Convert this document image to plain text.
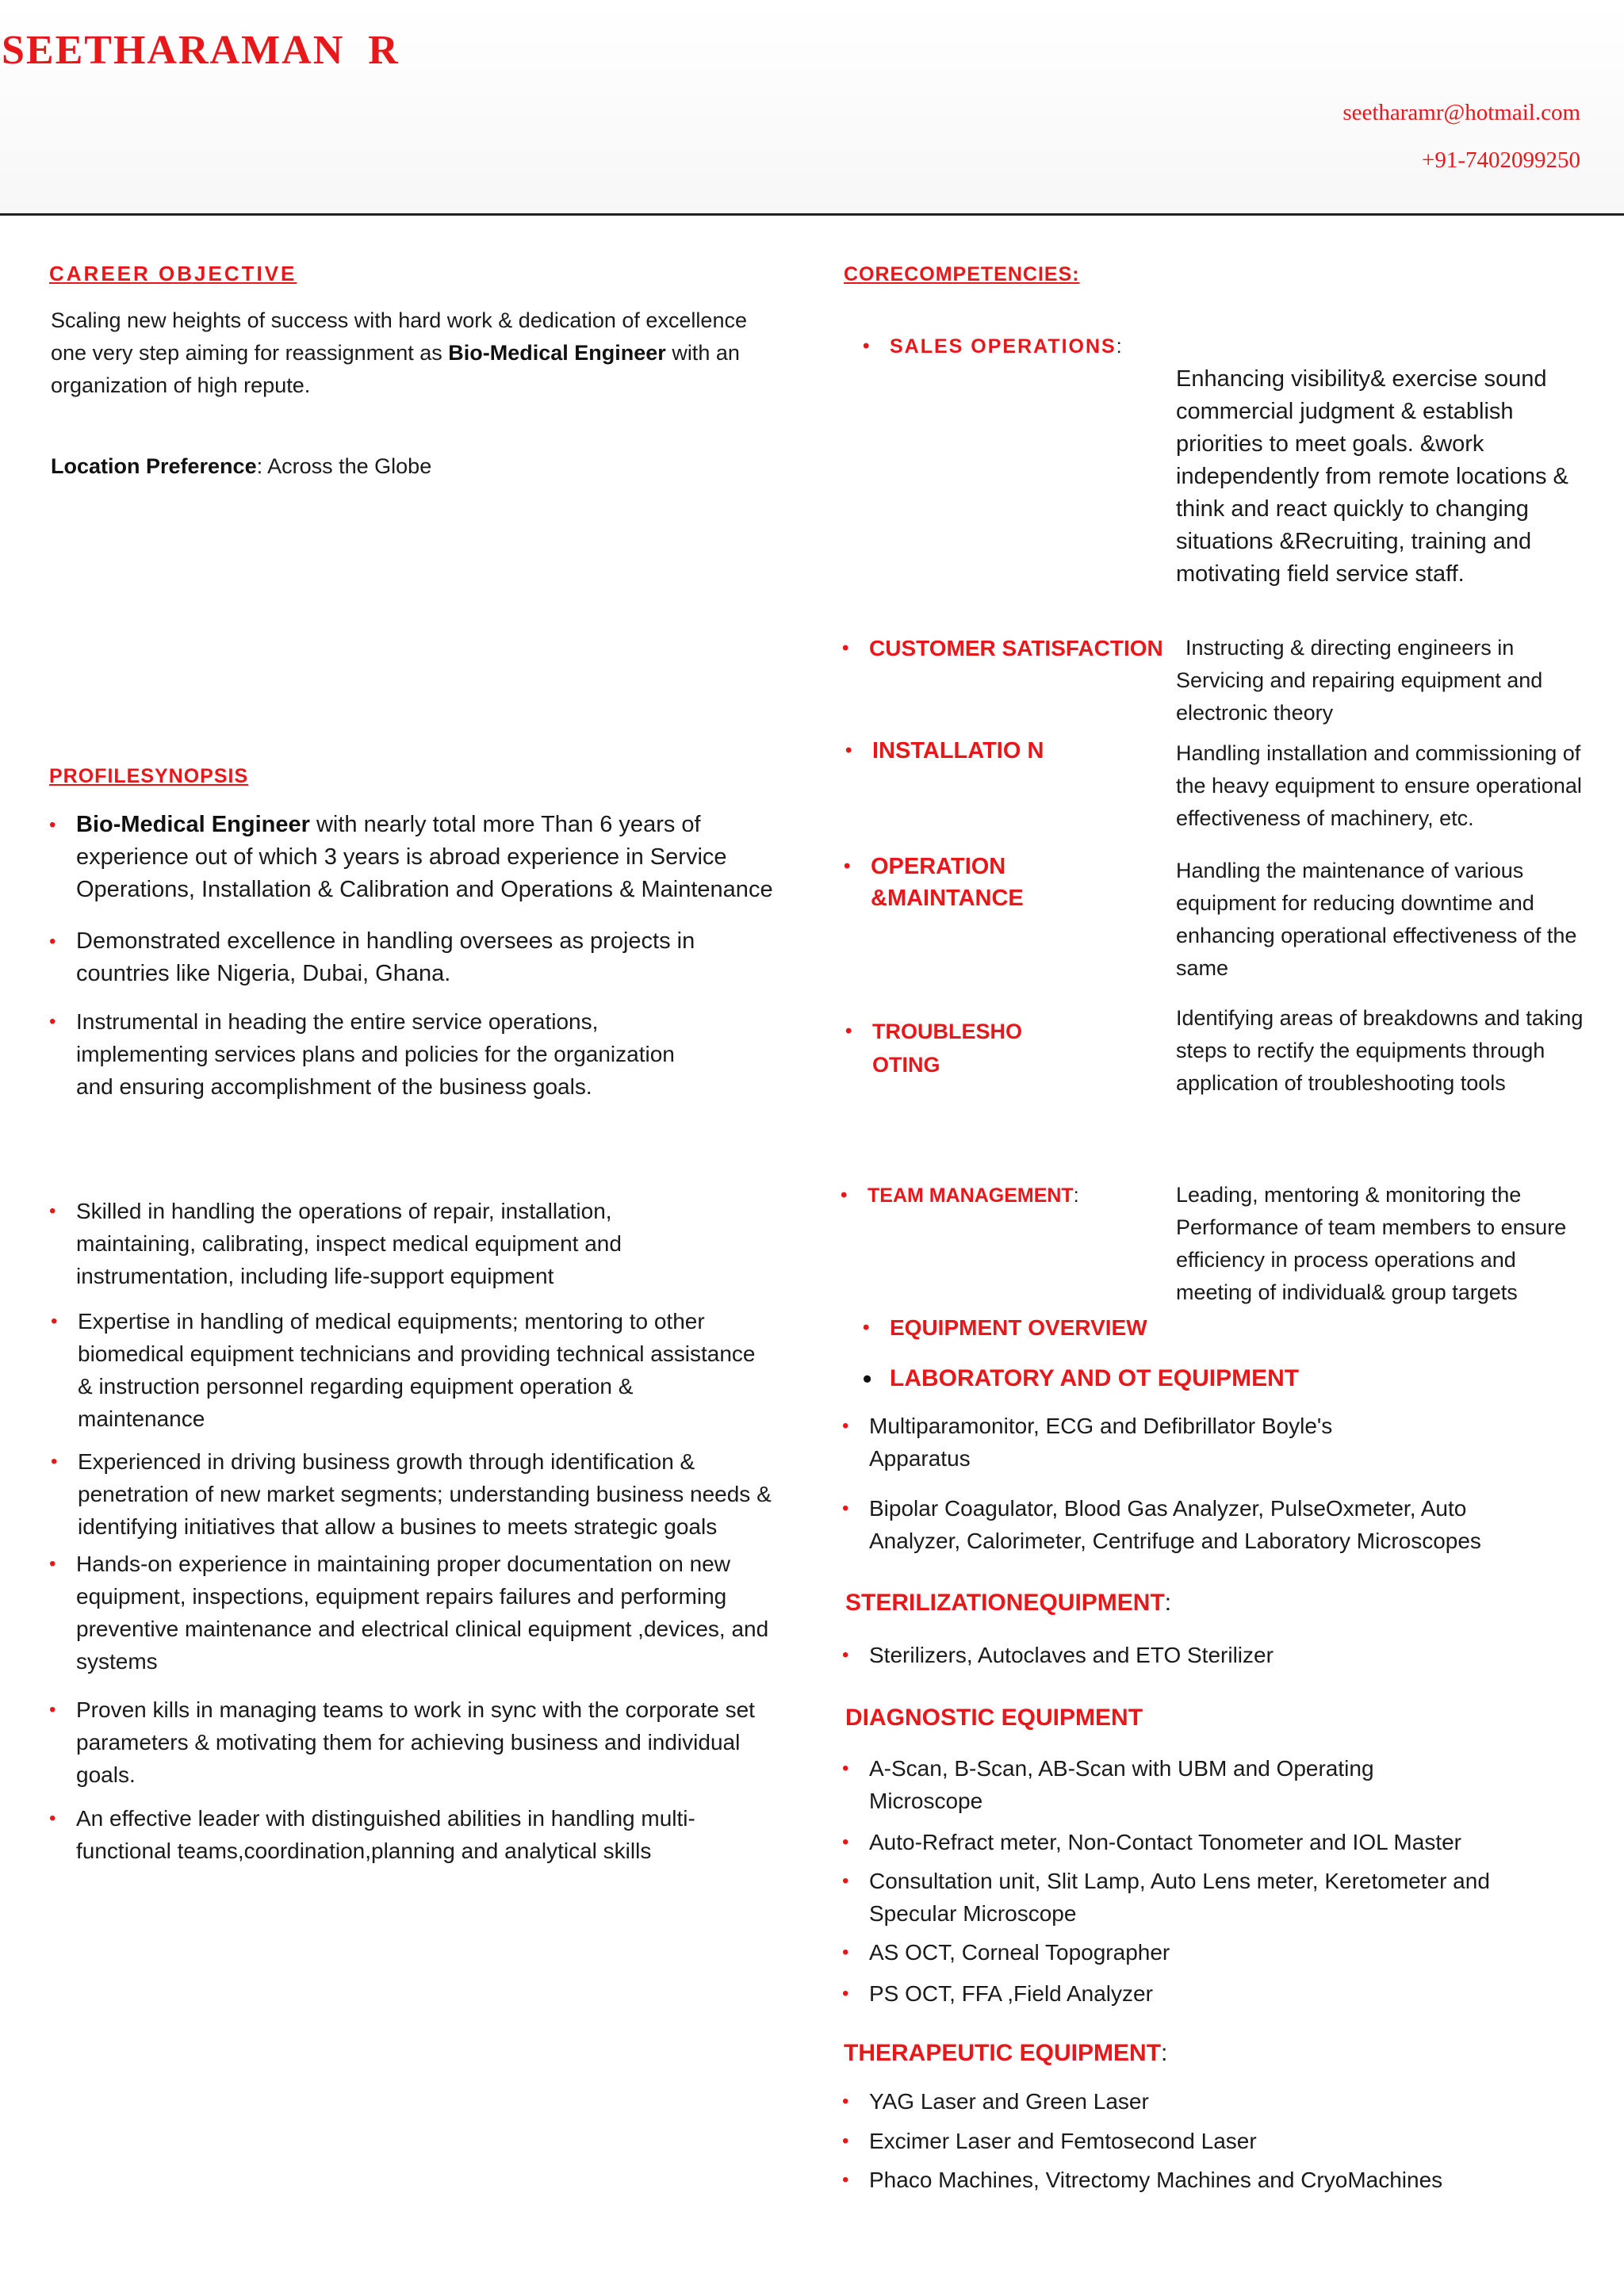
SEETHARAMAN  R
seetharamr@hotmail.com
+91-7402099250
CAREER OBJECTIVE
Scaling new heights of success with hard work & dedication of excellence one very step aiming for reassignment as Bio-Medical Engineer with an organization of high repute.
Location Preference: Across the Globe
PROFILESYNOPSIS
• Bio-Medical Engineer with nearly total more Than 6 years of experience out of which 3 years is abroad experience in Service Operations, Installation & Calibration and Operations & Maintenance
• Demonstrated excellence in handling oversees as projects in countries like Nigeria, Dubai, Ghana.
• Instrumental in heading the entire service operations, implementing services plans and policies for the organization and ensuring accomplishment of the business goals.
• Skilled in handling the operations of repair, installation, maintaining, calibrating, inspect medical equipment and instrumentation, including life-support equipment
• Expertise in handling of medical equipments; mentoring to other biomedical equipment technicians and providing technical assistance & instruction personnel regarding equipment operation & maintenance
• Experienced in driving business growth through identification & penetration of new market segments; understanding business needs & identifying initiatives that allow a busines to meets strategic goals
• Hands-on experience in maintaining proper documentation on new equipment, inspections, equipment repairs failures and performing preventive maintenance and electrical clinical equipment ,devices, and systems
• Proven kills in managing teams to work in sync with the corporate set parameters & motivating them for achieving business and individual goals.
• An effective leader with distinguished abilities in handling multi-functional teams,coordination,planning and analytical skills
CORECOMPETENCIES:
• SALES OPERATIONS:
Enhancing visibility& exercise sound commercial judgment & establish priorities to meet goals. &work independently from remote locations & think and react quickly to changing situations &Recruiting, training and motivating field service staff.
• CUSTOMER SATISFACTION	Instructing & directing engineers in Servicing and repairing equipment and electronic theory
• INSTALLATIO N	Handling installation and commissioning of the heavy equipment to ensure operational effectiveness of machinery, etc.
• OPERATION &MAINTANCE
Handling the maintenance of various equipment for reducing downtime and enhancing operational effectiveness of the same
• TROUBLESHO OTING
Identifying areas of breakdowns and taking steps to rectify the equipments through application of troubleshooting tools
• TEAM MANAGEMENT:	Leading, mentoring & monitoring the Performance of team members to ensure efficiency in process operations and meeting of individual& group targets
• EQUIPMENT OVERVIEW
• LABORATORY AND OT EQUIPMENT
• Multiparamonitor, ECG and Defibrillator Boyle's Apparatus
• Bipolar Coagulator, Blood Gas Analyzer, PulseOxmeter, Auto Analyzer, Calorimeter, Centrifuge and Laboratory Microscopes
STERILIZATIONEQUIPMENT:
• Sterilizers, Autoclaves and ETO Sterilizer
DIAGNOSTIC EQUIPMENT
• A-Scan, B-Scan, AB-Scan with UBM and Operating Microscope
• Auto-Refract meter, Non-Contact Tonometer and IOL Master
• Consultation unit, Slit Lamp, Auto Lens meter, Keretometer and Specular Microscope
• AS OCT, Corneal Topographer
• PS OCT, FFA ,Field Analyzer
THERAPEUTIC EQUIPMENT:
• YAG Laser and Green Laser
• Excimer Laser and Femtosecond Laser
• Phaco Machines, Vitrectomy Machines and CryoMachines
